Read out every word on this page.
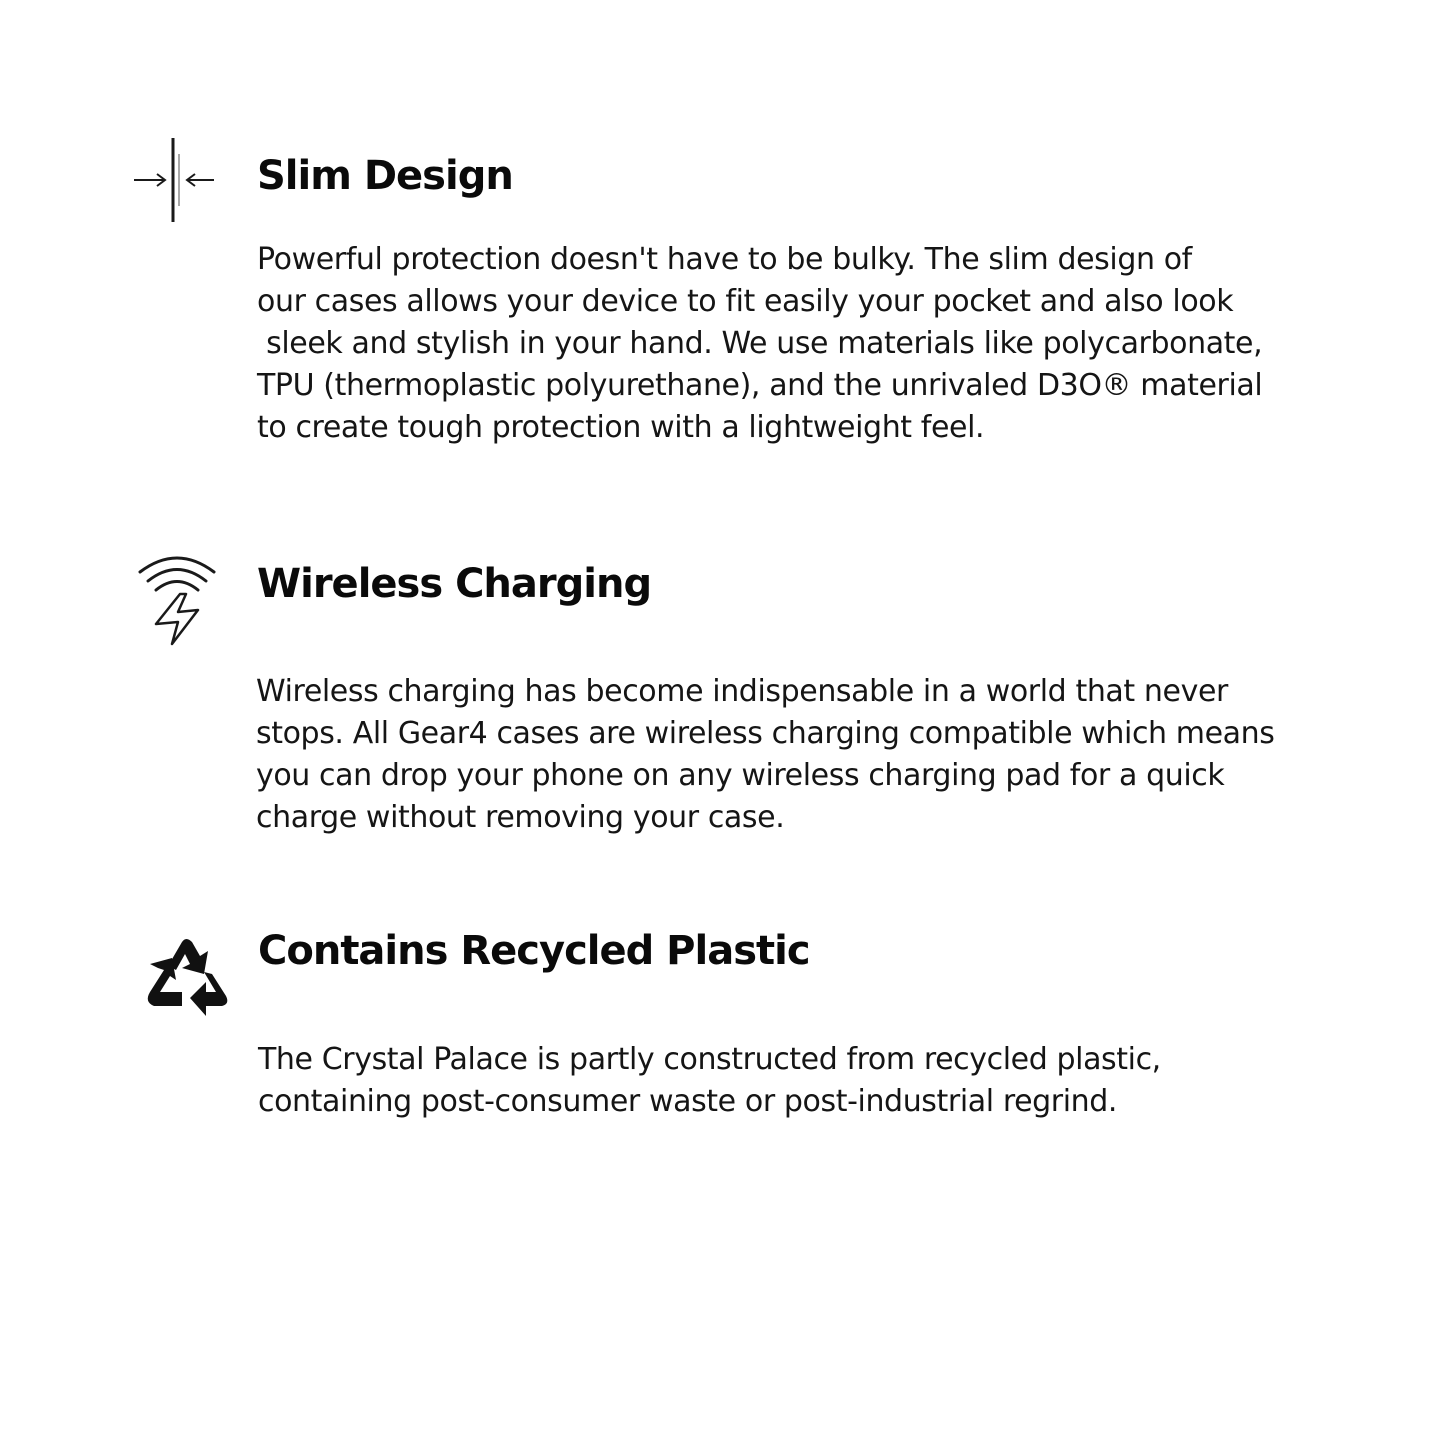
Slim Design
Powerful protection doesn't have to be bulky. The slim design of
our cases allows your device to fit easily your pocket and also look
sleek and stylish in your hand. We use materials like polycarbonate,
TPU (thermoplastic polyurethane), and the unrivaled D3O® material
to create tough protection with a lightweight feel.
Wireless Charging
Wireless charging has become indispensable in a world that never
stops. All Gear4 cases are wireless charging compatible which means
you can drop your phone on any wireless charging pad for a quick
charge without removing your case.
Contains Recycled Plastic
The Crystal Palace is partly constructed from recycled plastic,
containing post-consumer waste or post-industrial regrind.
